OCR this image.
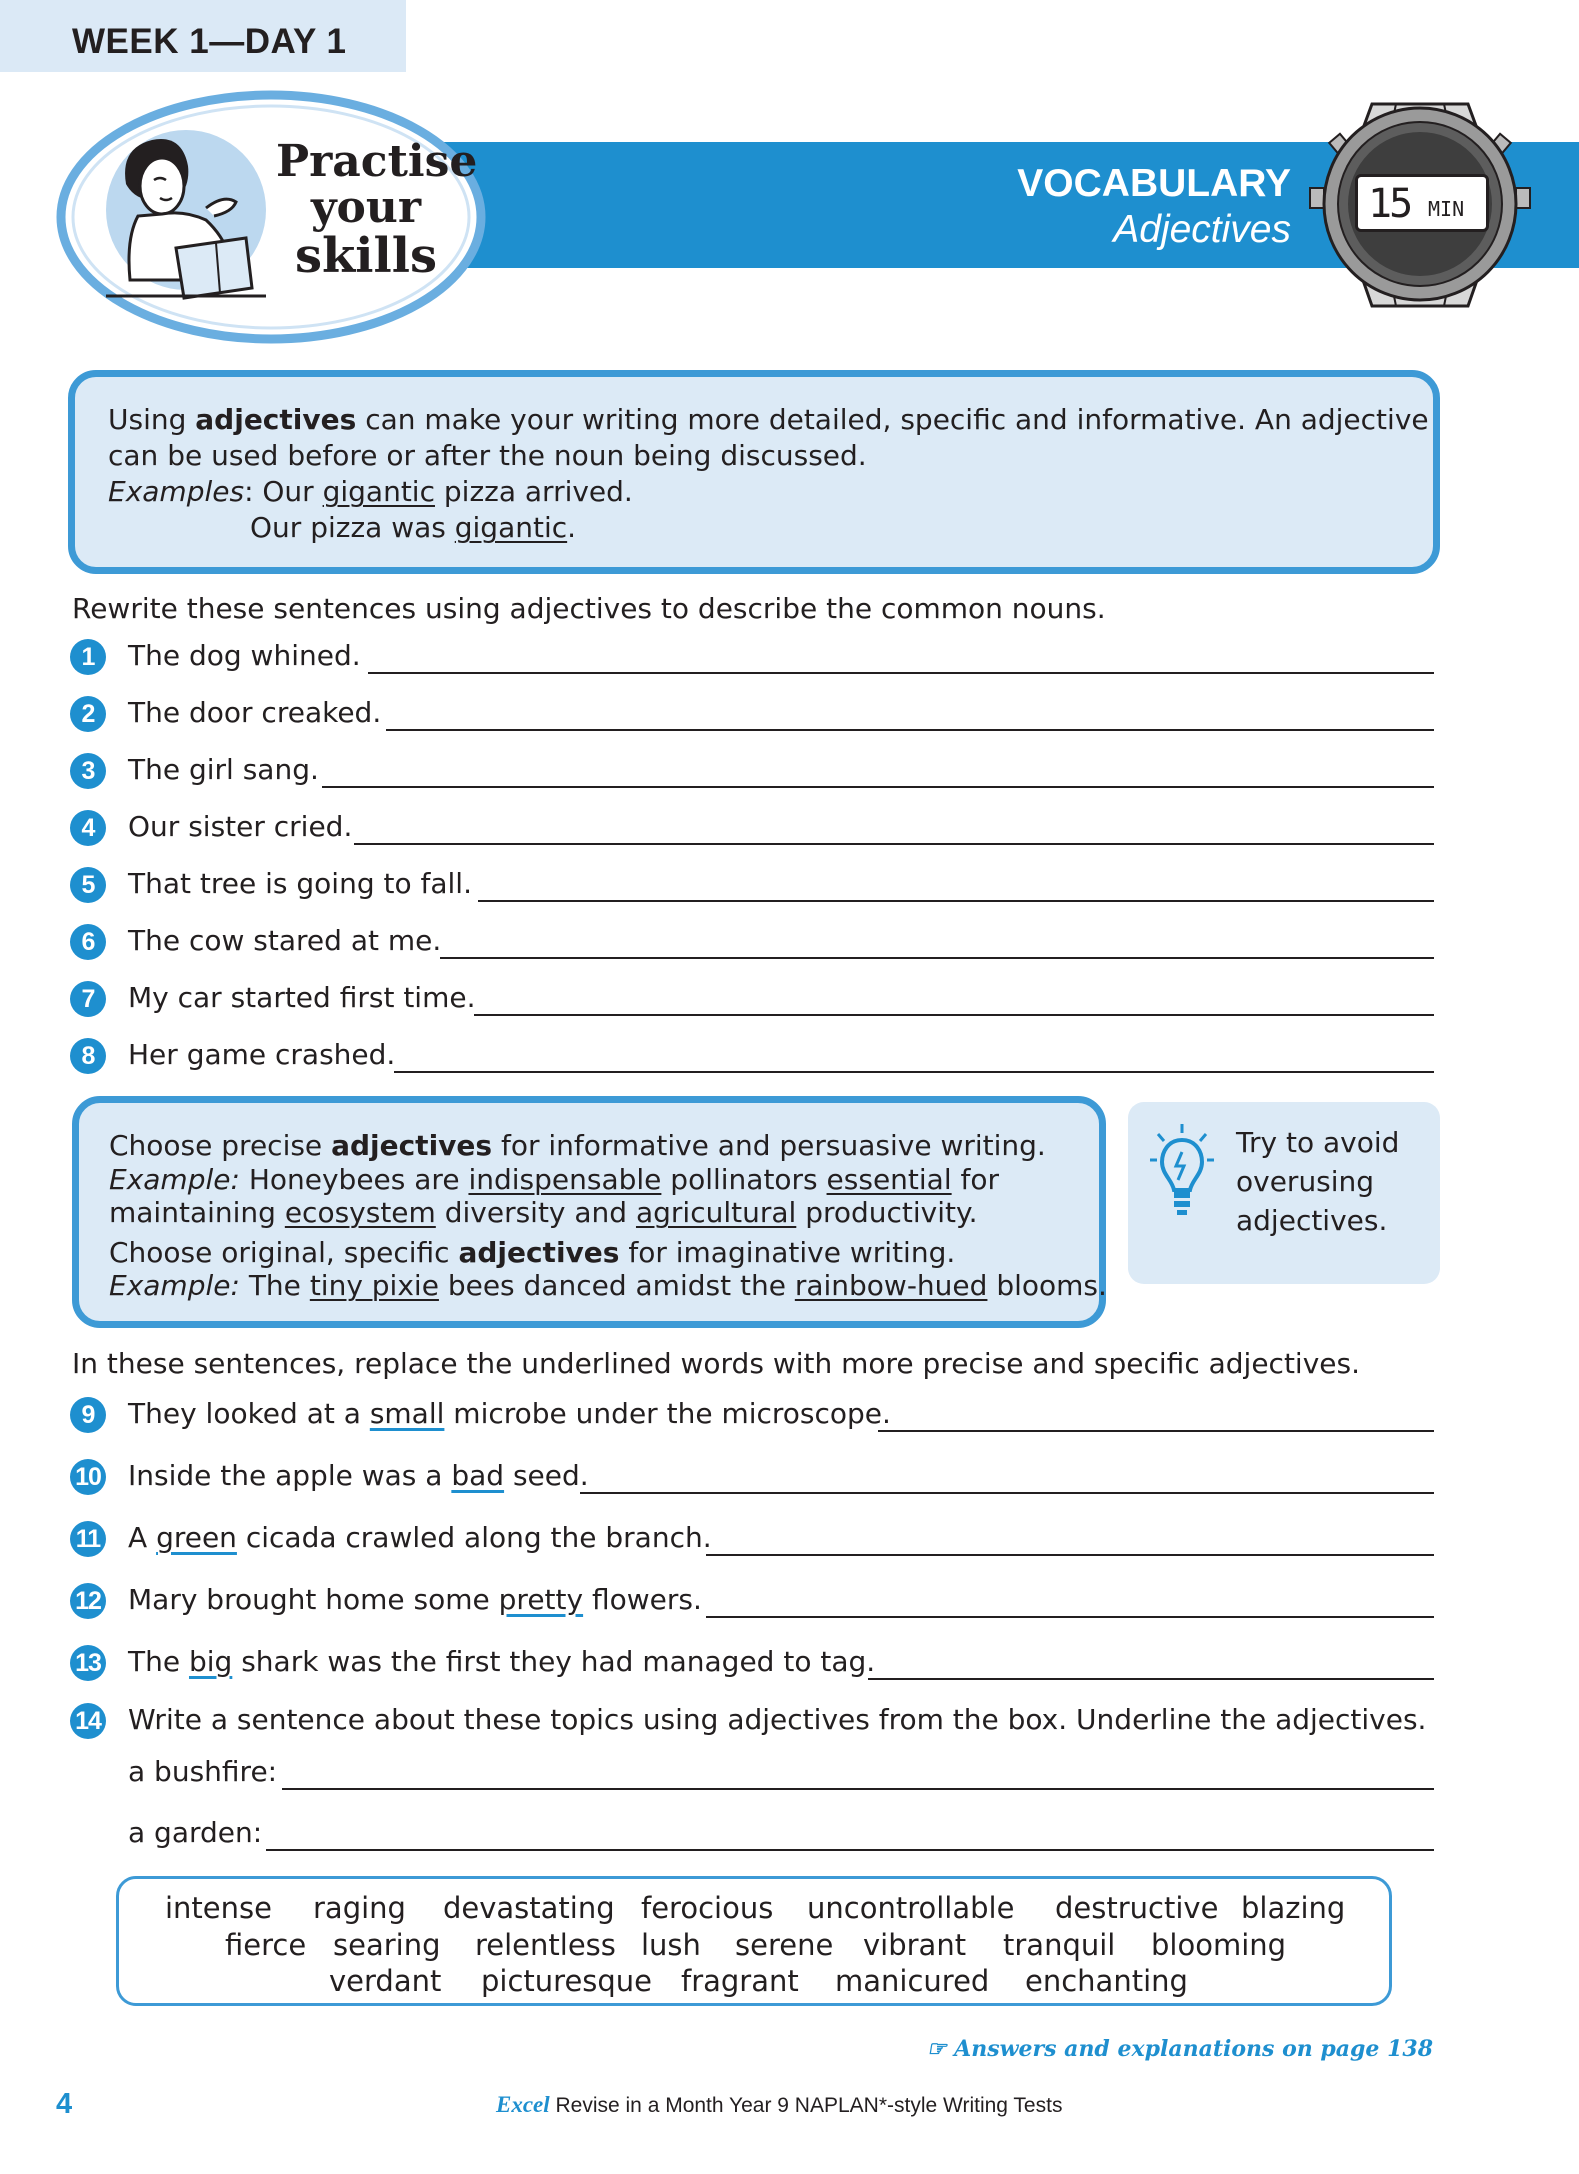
WEEK 1—DAY 1
VOCABULARY
Adjectives
Practise
your
skills
15 MIN
Using adjectives can make your writing more detailed, specific and informative. An adjective
can be used before or after the noun being discussed.
Examples: Our gigantic pizza arrived.
Our pizza was gigantic.
Rewrite these sentences using adjectives to describe the common nouns.
1	The dog whined.
2	The door creaked.
3	The girl sang.
4	Our sister cried.
5	That tree is going to fall.
6	The cow stared at me.
7	My car started first time.
8	Her game crashed.
Choose precise adjectives for informative and persuasive writing.
Example: Honeybees are indispensable pollinators essential for
maintaining ecosystem diversity and agricultural productivity.
Choose original, specific adjectives for imaginative writing.
Example: The tiny pixie bees danced amidst the rainbow-hued blooms.
Try to avoid
overusing
adjectives.
In these sentences, replace the underlined words with more precise and specific adjectives.
9	They looked at a small microbe under the microscope.
10 Inside the apple was a bad seed.
11 A green cicada crawled along the branch.
12 Mary brought home some pretty flowers.
13 The big shark was the first they had managed to tag.
14 Write a sentence about these topics using adjectives from the box. Underline the adjectives.
a bushfire:
a garden:
intense raging devastating ferocious uncontrollable destructive blazing
fierce searing relentless lush serene vibrant tranquil blooming
verdant picturesque fragrant manicured enchanting
☞ Answers and explanations on page 138
4	Excel Revise in a Month Year 9 NAPLAN*-style Writing Tests
